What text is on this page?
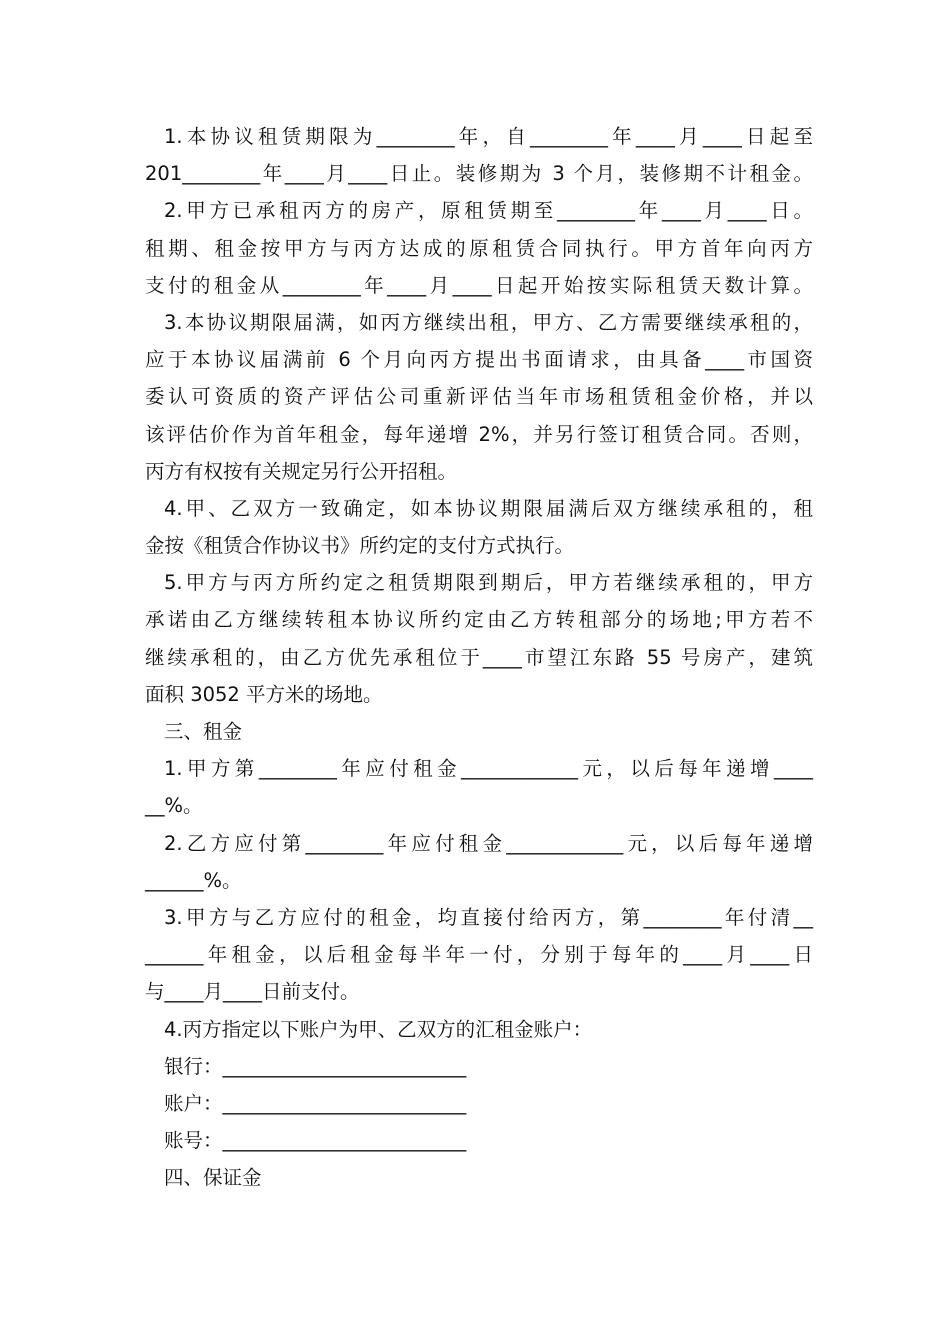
1.本协议租赁期限为________年，自________年____月____日起至
201________年____月____日止。装修期为 3 个月，装修期不计租金。
2.甲方已承租丙方的房产，原租赁期至________年____月____日。
租期、租金按甲方与丙方达成的原租赁合同执行。甲方首年向丙方
支付的租金从________年____月____日起开始按实际租赁天数计算。
3.本协议期限届满，如丙方继续出租，甲方、乙方需要继续承租的，
应于本协议届满前 6 个月向丙方提出书面请求，由具备____市国资
委认可资质的资产评估公司重新评估当年市场租赁租金价格，并以
该评估价作为首年租金，每年递增 2%，并另行签订租赁合同。否则，
丙方有权按有关规定另行公开招租。
4.甲、乙双方一致确定，如本协议期限届满后双方继续承租的，租
金按《租赁合作协议书》所约定的支付方式执行。
5.甲方与丙方所约定之租赁期限到期后，甲方若继续承租的，甲方
承诺由乙方继续转租本协议所约定由乙方转租部分的场地;甲方若不
继续承租的，由乙方优先承租位于____市望江东路 55 号房产，建筑
面积 3052 平方米的场地。
三、租金
1.甲方第________年应付租金____________元，以后每年递增____
__%。
2.乙方应付第________年应付租金____________元，以后每年递增
______%。
3.甲方与乙方应付的租金，均直接付给丙方，第________年付清__
______年租金，以后租金每半年一付，分别于每年的____月____日
与____月____日前支付。
4.丙方指定以下账户为甲、乙双方的汇租金账户：
银行：_________________________
账户：_________________________
账号：_________________________
四、保证金
